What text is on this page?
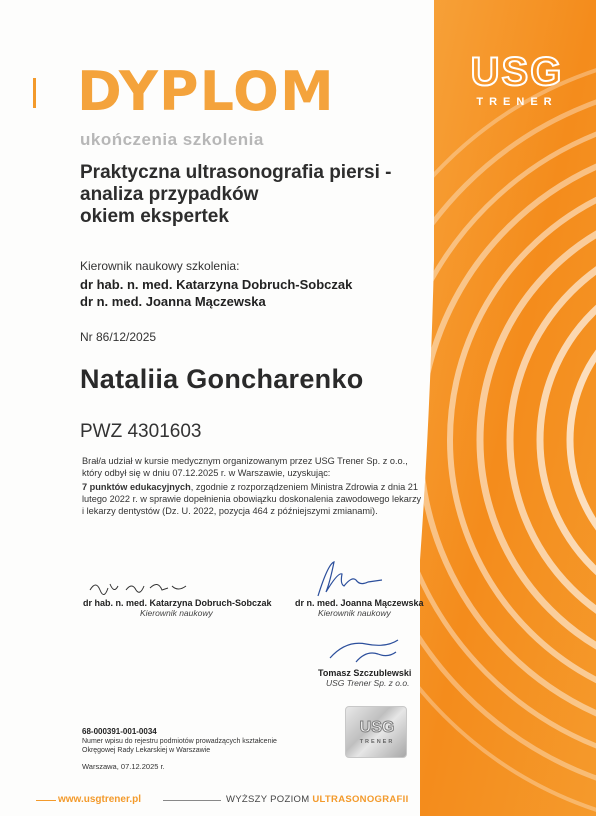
USG
TRENER
DYPLOM
ukończenia szkolenia
Praktyczna ultrasonografia piersi -
analiza przypadków
okiem ekspertek
Kierownik naukowy szkolenia:
dr hab. n. med. Katarzyna Dobruch-Sobczak
dr n. med. Joanna Mączewska
Nr 86/12/2025
Nataliia Goncharenko
PWZ 4301603
Brał/a udział w kursie medycznym organizowanym przez USG Trener Sp. z o.o., który odbył się w dniu 07.12.2025 r. w Warszawie, uzyskując:
7 punktów edukacyjnych, zgodnie z rozporządzeniem Ministra Zdrowia z dnia 21 lutego 2022 r. w sprawie dopełnienia obowiązku doskonalenia zawodowego lekarzy i lekarzy dentystów (Dz. U. 2022, pozycja 464 z późniejszymi zmianami).
dr hab. n. med. Katarzyna Dobruch-Sobczak
Kierownik naukowy
dr n. med. Joanna Mączewska
Kierownik naukowy
Tomasz Szczublewski
USG Trener Sp. z o.o.
USG
TRENER
68-000391-001-0034
Numer wpisu do rejestru podmiotów prowadzących kształcenie Okręgowej Rady Lekarskiej w Warszawie
Warszawa, 07.12.2025 r.
www.usgtrener.pl	WYŻSZY POZIOM ULTRASONOGRAFII
